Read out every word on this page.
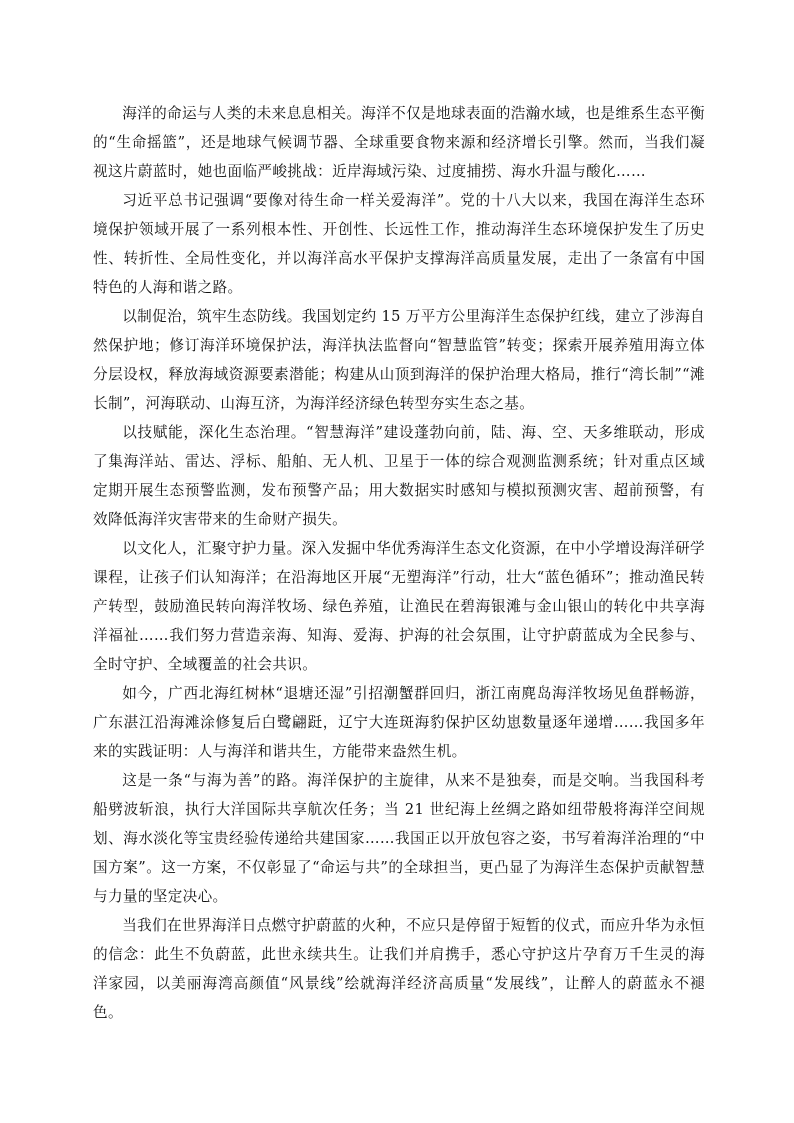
海洋的命运与人类的未来息息相关。海洋不仅是地球表面的浩瀚水域，也是维系生态平衡的“生命摇篮”，还是地球气候调节器、全球重要食物来源和经济增长引擎。然而，当我们凝视这片蔚蓝时，她也面临严峻挑战：近岸海域污染、过度捕捞、海水升温与酸化……

习近平总书记强调“要像对待生命一样关爱海洋”。党的十八大以来，我国在海洋生态环境保护领域开展了一系列根本性、开创性、长远性工作，推动海洋生态环境保护发生了历史性、转折性、全局性变化，并以海洋高水平保护支撑海洋高质量发展，走出了一条富有中国特色的人海和谐之路。

以制促治，筑牢生态防线。我国划定约 15 万平方公里海洋生态保护红线，建立了涉海自然保护地；修订海洋环境保护法，海洋执法监督向“智慧监管”转变；探索开展养殖用海立体分层设权，释放海域资源要素潜能；构建从山顶到海洋的保护治理大格局，推行“湾长制”“滩长制”，河海联动、山海互济，为海洋经济绿色转型夯实生态之基。

以技赋能，深化生态治理。“智慧海洋”建设蓬勃向前，陆、海、空、天多维联动，形成了集海洋站、雷达、浮标、船舶、无人机、卫星于一体的综合观测监测系统；针对重点区域定期开展生态预警监测，发布预警产品；用大数据实时感知与模拟预测灾害、超前预警，有效降低海洋灾害带来的生命财产损失。

以文化人，汇聚守护力量。深入发掘中华优秀海洋生态文化资源，在中小学增设海洋研学课程，让孩子们认知海洋；在沿海地区开展“无塑海洋”行动，壮大“蓝色循环”；推动渔民转产转型，鼓励渔民转向海洋牧场、绿色养殖，让渔民在碧海银滩与金山银山的转化中共享海洋福祉……我们努力营造亲海、知海、爱海、护海的社会氛围，让守护蔚蓝成为全民参与、全时守护、全域覆盖的社会共识。

如今，广西北海红树林“退塘还湿”引招潮蟹群回归，浙江南麂岛海洋牧场见鱼群畅游，广东湛江沿海滩涂修复后白鹭翩跹，辽宁大连斑海豹保护区幼崽数量逐年递增……我国多年来的实践证明：人与海洋和谐共生，方能带来盎然生机。

这是一条“与海为善”的路。海洋保护的主旋律，从来不是独奏，而是交响。当我国科考船劈波斩浪，执行大洋国际共享航次任务；当 21 世纪海上丝绸之路如纽带般将海洋空间规划、海水淡化等宝贵经验传递给共建国家……我国正以开放包容之姿，书写着海洋治理的“中国方案”。这一方案，不仅彰显了“命运与共”的全球担当，更凸显了为海洋生态保护贡献智慧与力量的坚定决心。

当我们在世界海洋日点燃守护蔚蓝的火种，不应只是停留于短暂的仪式，而应升华为永恒的信念：此生不负蔚蓝，此世永续共生。让我们并肩携手，悉心守护这片孕育万千生灵的海洋家园，以美丽海湾高颜值“风景线”绘就海洋经济高质量“发展线”，让醉人的蔚蓝永不褪色。
